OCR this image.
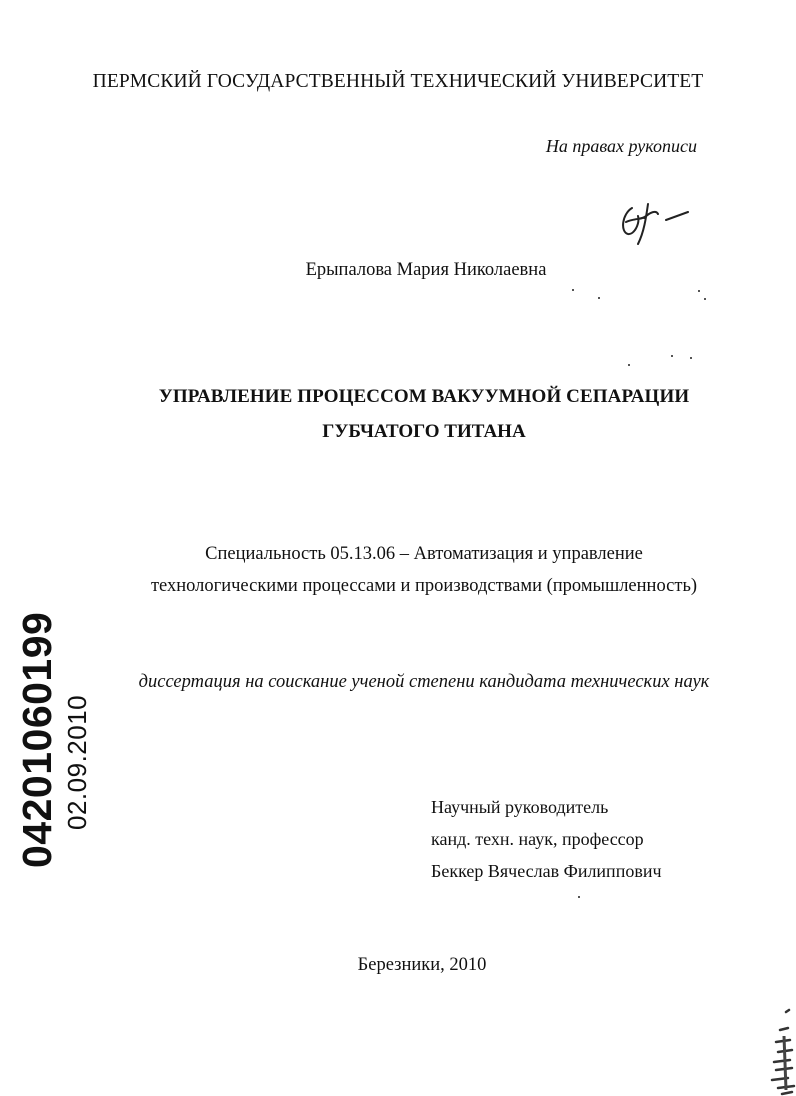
ПЕРМСКИЙ ГОСУДАРСТВЕННЫЙ ТЕХНИЧЕСКИЙ УНИВЕРСИТЕТ
На правах рукописи
Ерыпалова Мария Николаевна
УПРАВЛЕНИЕ ПРОЦЕССОМ ВАКУУМНОЙ СЕПАРАЦИИ
ГУБЧАТОГО ТИТАНА
Специальность 05.13.06 – Автоматизация и управление
технологическими процессами и производствами (промышленность)
диссертация на соискание ученой степени кандидата технических наук
04201060199 02.09.2010	Научный руководитель
канд. техн. наук, профессор
Беккер Вячеслав Филиппович
Березники, 2010
